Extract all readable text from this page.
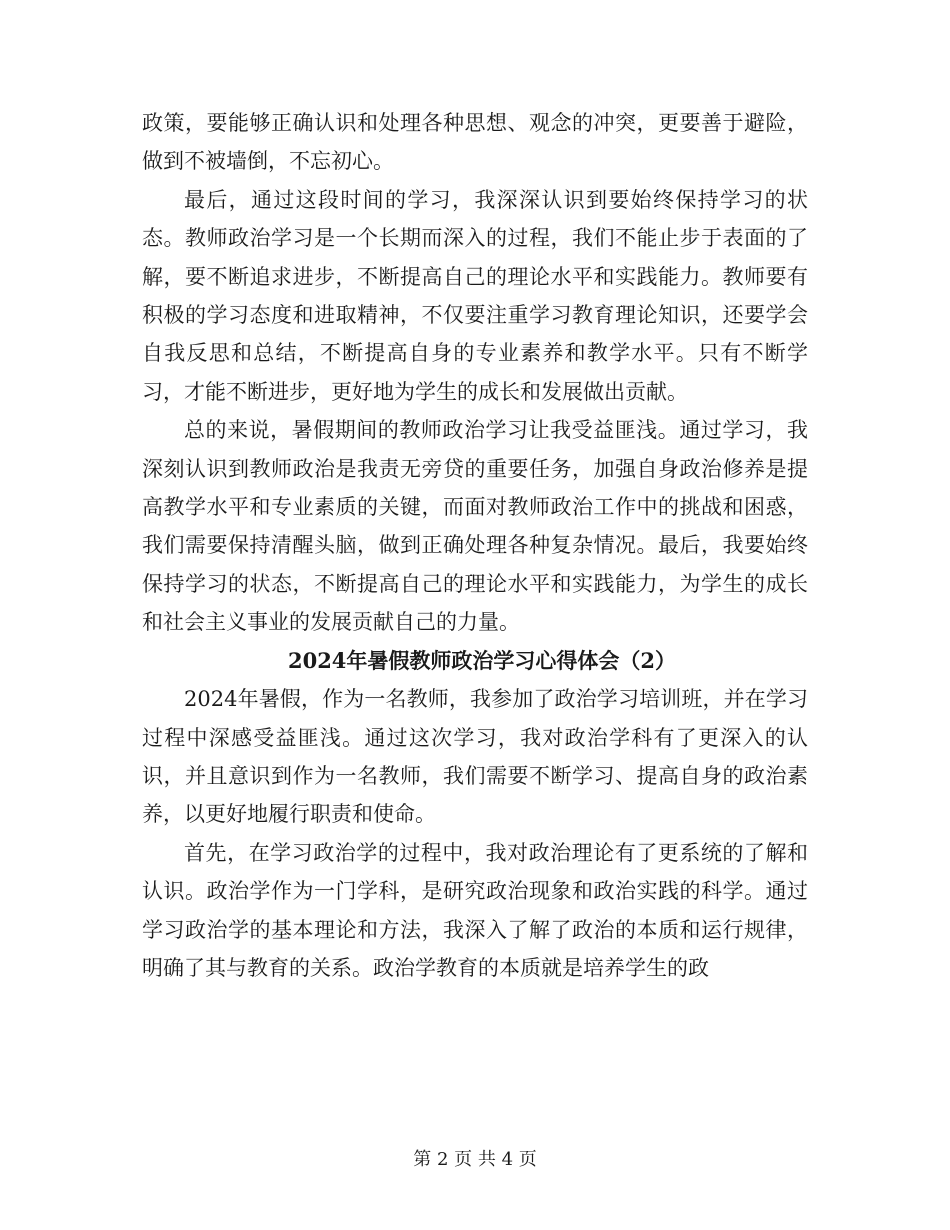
政策，要能够正确认识和处理各种思想、观念的冲突，更要善于避险，做到不被墙倒，不忘初心。

最后，通过这段时间的学习，我深深认识到要始终保持学习的状态。教师政治学习是一个长期而深入的过程，我们不能止步于表面的了解，要不断追求进步，不断提高自己的理论水平和实践能力。教师要有积极的学习态度和进取精神，不仅要注重学习教育理论知识，还要学会自我反思和总结，不断提高自身的专业素养和教学水平。只有不断学习，才能不断进步，更好地为学生的成长和发展做出贡献。

总的来说，暑假期间的教师政治学习让我受益匪浅。通过学习，我深刻认识到教师政治是我责无旁贷的重要任务，加强自身政治修养是提高教学水平和专业素质的关键，而面对教师政治工作中的挑战和困惑，我们需要保持清醒头脑，做到正确处理各种复杂情况。最后，我要始终保持学习的状态，不断提高自己的理论水平和实践能力，为学生的成长和社会主义事业的发展贡献自己的力量。

2024年暑假教师政治学习心得体会（2）

2024年暑假，作为一名教师，我参加了政治学习培训班，并在学习过程中深感受益匪浅。通过这次学习，我对政治学科有了更深入的认识，并且意识到作为一名教师，我们需要不断学习、提高自身的政治素养，以更好地履行职责和使命。

首先，在学习政治学的过程中，我对政治理论有了更系统的了解和认识。政治学作为一门学科，是研究政治现象和政治实践的科学。通过学习政治学的基本理论和方法，我深入了解了政治的本质和运行规律，明确了其与教育的关系。政治学教育的本质就是培养学生的政

第 2 页 共 4 页
